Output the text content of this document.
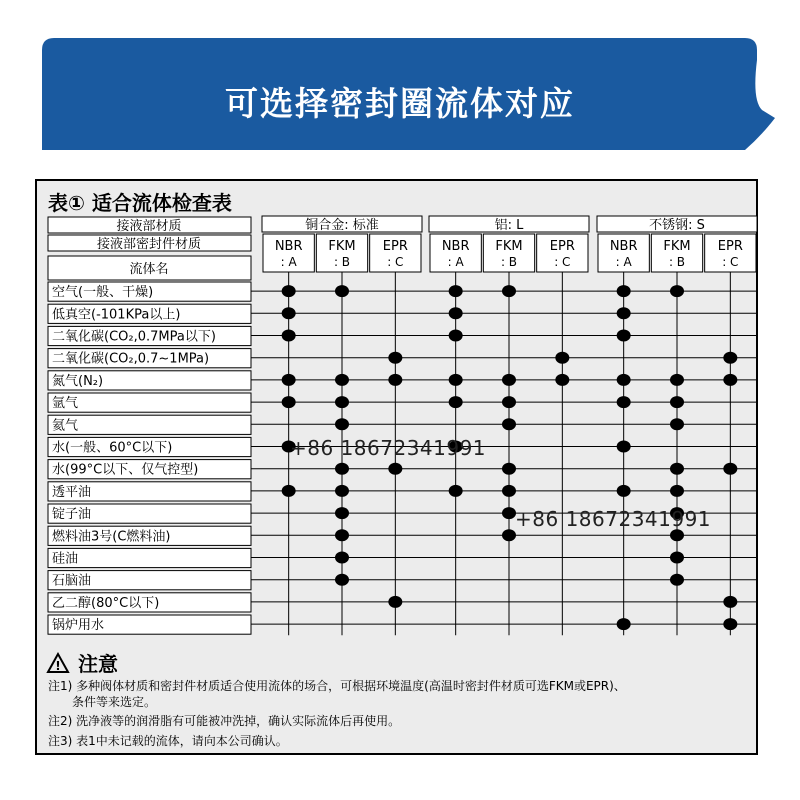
可选择密封圈流体对应
表① 适合流体检查表
接液部材质
接液部密封件材质
流体名
铜合金: 标准
NBR
: A
FKM
: B
EPR
: C
铝: L
NBR
: A
FKM
: B
EPR
: C
不锈钢: S
NBR
: A
FKM
: B
EPR
: C
空气(一般、干燥)
低真空(-101KPa以上)
二氧化碳(CO₂,0.7MPa以下)
二氧化碳(CO₂,0.7~1MPa)
氮气(N₂)
氩气
氦气
水(一般、60°C以下)
水(99°C以下、仅气控型)
透平油
锭子油
燃料油3号(C燃料油)
硅油
石脑油
乙二醇(80°C以下)
锅炉用水
! 注意
注1) 多种阀体材质和密封件材质适合使用流体的场合，可根据环境温度(高温时密封件材质可选FKM或EPR)、
条件等来选定。
注2) 洗净液等的润滑脂有可能被冲洗掉，确认实际流体后再使用。
注3) 表1中未记载的流体，请向本公司确认。
+86 18672341991
+86 18672341991
